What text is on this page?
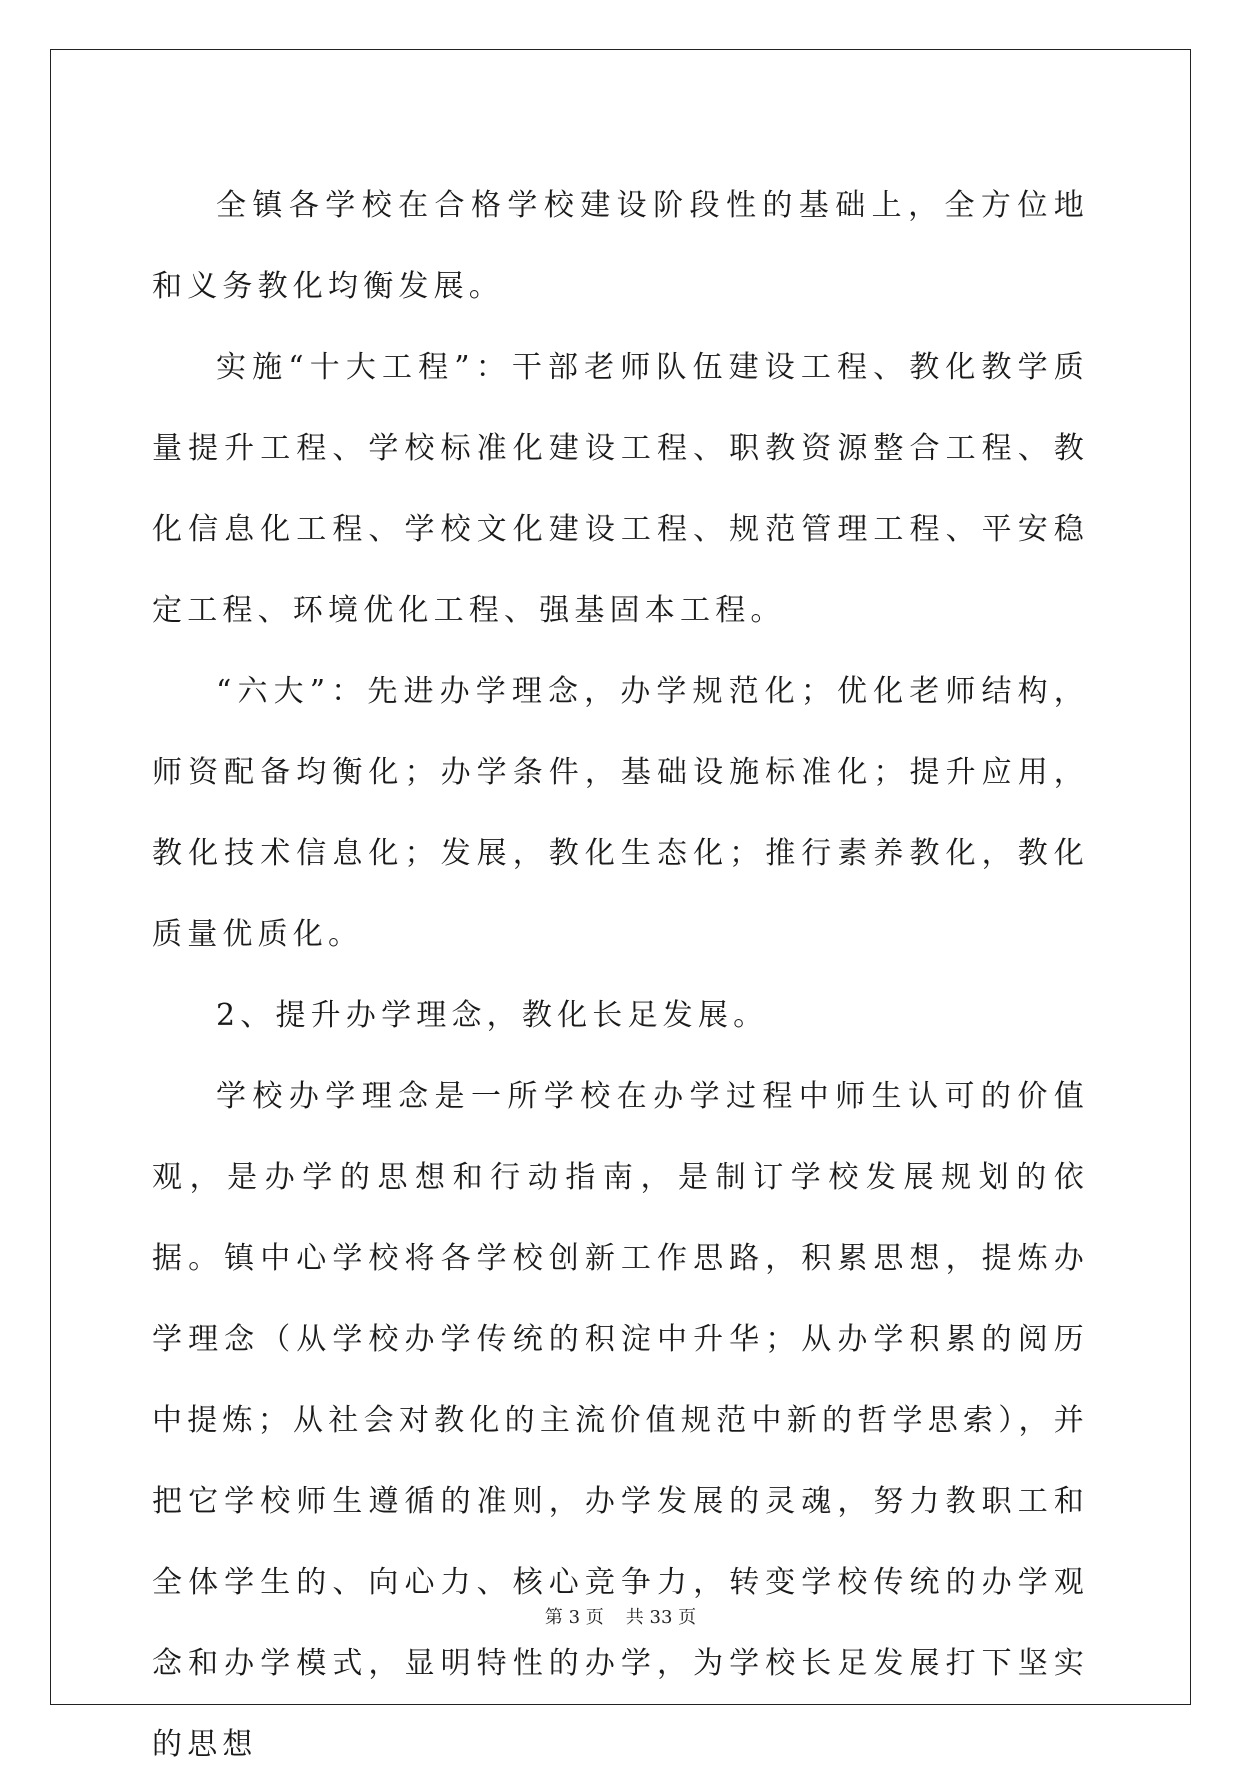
全镇各学校在合格学校建设阶段性的基础上，全方位地和义务教化均衡发展。

实施“十大工程”：干部老师队伍建设工程、教化教学质量提升工程、学校标准化建设工程、职教资源整合工程、教化信息化工程、学校文化建设工程、规范管理工程、平安稳定工程、环境优化工程、强基固本工程。

“六大”：先进办学理念，办学规范化；优化老师结构，师资配备均衡化；办学条件，基础设施标准化；提升应用，教化技术信息化；发展，教化生态化；推行素养教化，教化质量优质化。

2、提升办学理念，教化长足发展。

学校办学理念是一所学校在办学过程中师生认可的价值观，是办学的思想和行动指南，是制订学校发展规划的依据。镇中心学校将各学校创新工作思路，积累思想，提炼办学理念（从学校办学传统的积淀中升华；从办学积累的阅历中提炼；从社会对教化的主流价值规范中新的哲学思索），并把它学校师生遵循的准则，办学发展的灵魂，努力教职工和全体学生的、向心力、核心竞争力，转变学校传统的办学观念和办学模式，显明特性的办学，为学校长足发展打下坚实的思想

第 3 页 共 33 页
